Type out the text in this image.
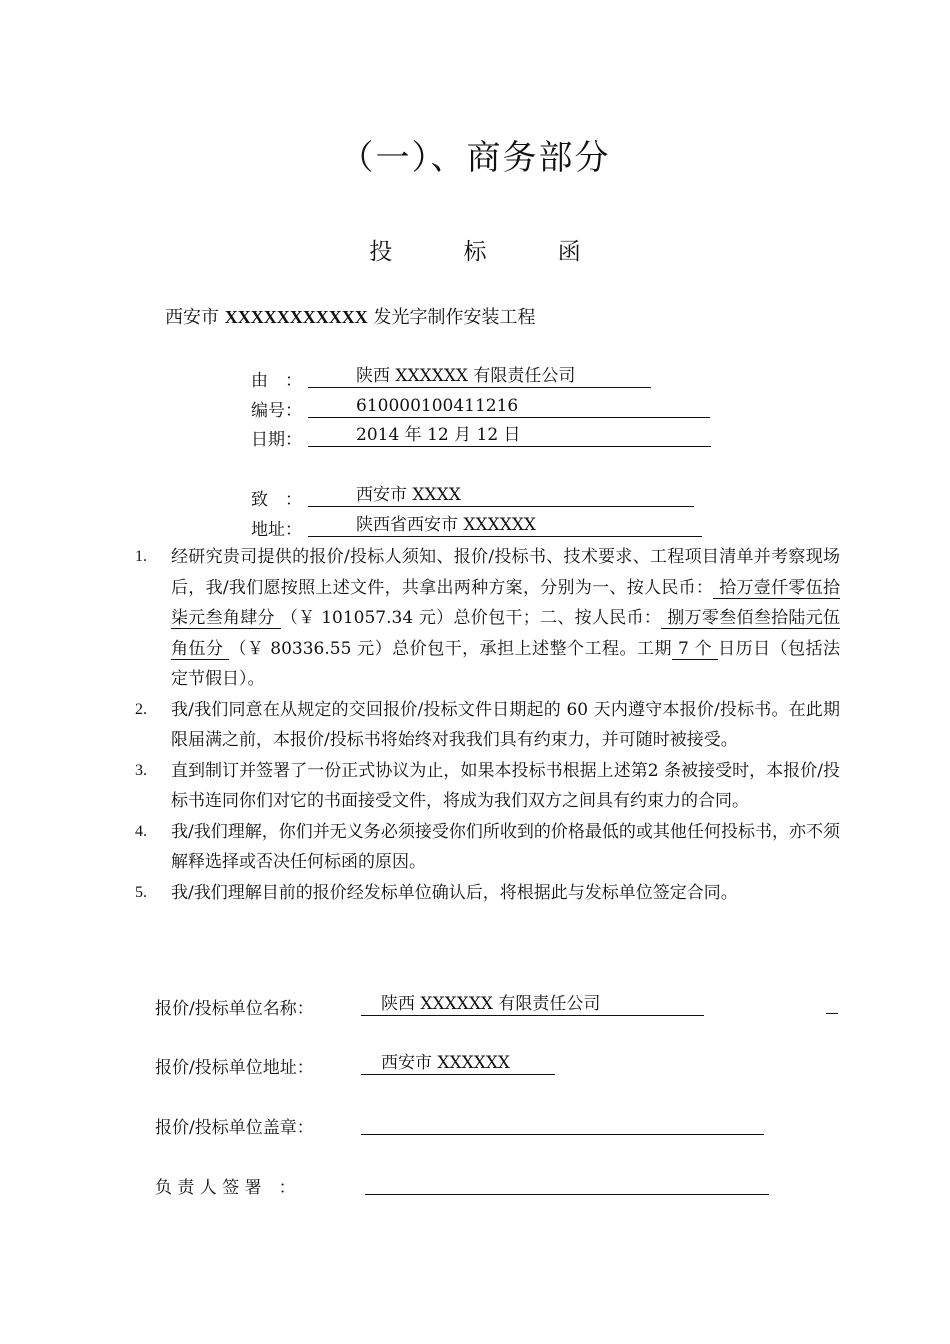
（一）、商务部分
投 标 函
西安市 XXXXXXXXXXX 发光字制作安装工程
由　：	陕西 XXXXXX 有限责任公司
编号：	610000100411216
日期：	2014 年 12 月 12 日
致　：	西安市 XXXX
地址：	陕西省西安市 XXXXXX
1. 经研究贵司提供的报价/投标人须知、报价/投标书、技术要求、工程项目清单并考察现场后，我/我们愿按照上述文件，共拿出两种方案，分别为一、按人民币： 拾万壹仟零伍拾柒元叁角肆分 （￥ 101057.34 元）总价包干；二、按人民币： 捌万零叁佰叁拾陆元伍角伍分 （￥ 80336.55 元）总价包干，承担上述整个工程。工期 7 个 日历日（包括法定节假日）。
2. 我/我们同意在从规定的交回报价/投标文件日期起的 60 天内遵守本报价/投标书。在此期限届满之前，本报价/投标书将始终对我我们具有约束力，并可随时被接受。
3. 直到制订并签署了一份正式协议为止，如果本投标书根据上述第2 条被接受时，本报价/投标书连同你们对它的书面接受文件，将成为我们双方之间具有约束力的合同。
4. 我/我们理解，你们并无义务必须接受你们所收到的价格最低的或其他任何投标书，亦不须解释选择或否决任何标函的原因。
5. 我/我们理解目前的报价经发标单位确认后，将根据此与发标单位签定合同。
报价/投标单位名称：	陕西 XXXXXX 有限责任公司
报价/投标单位地址：	西安市 XXXXXX
报价/投标单位盖章：
负 责 人 签 署　：
